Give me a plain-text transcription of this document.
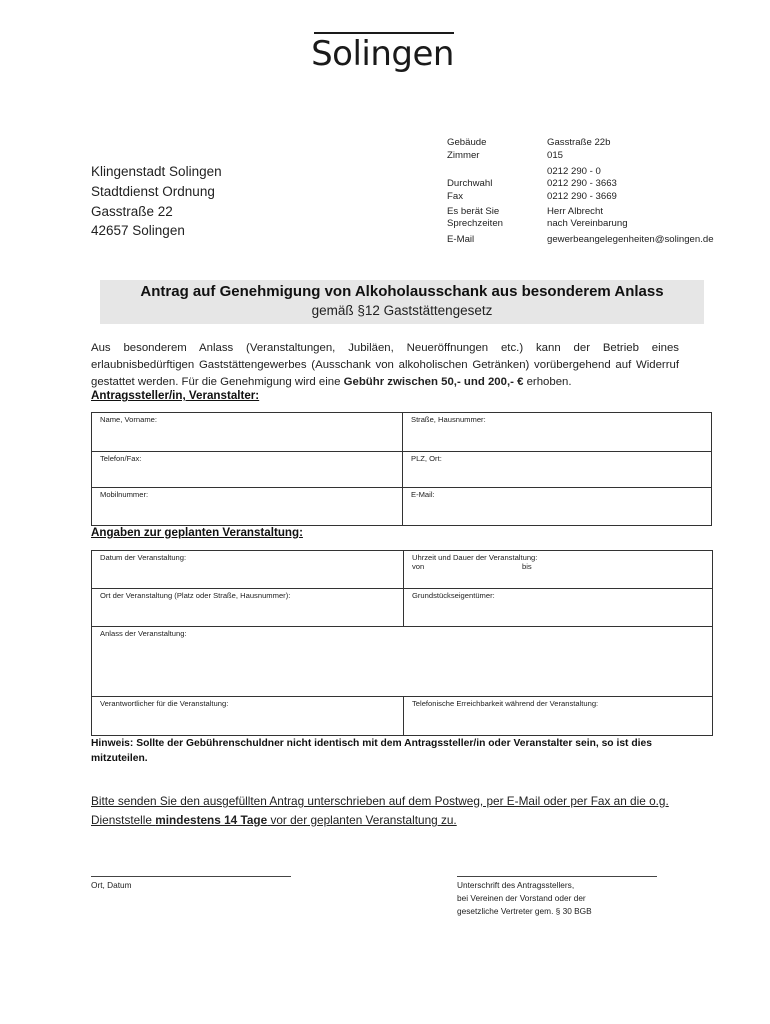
Solingen
Klingenstadt Solingen
Stadtdienst Ordnung
Gasstraße 22
42657 Solingen
Gebäude	Gasstraße 22b
Zimmer	015
0212 290 - 0
Durchwahl	0212 290 - 3663
Fax	0212 290 - 3669
Es berät Sie	Herr Albrecht
Sprechzeiten	nach Vereinbarung
E-Mail	gewerbeangelegenheiten@solingen.de
Antrag auf Genehmigung von Alkoholausschank aus besonderem Anlass
gemäß §12 Gaststättengesetz
Aus besonderem Anlass (Veranstaltungen, Jubiläen, Neueröffnungen etc.) kann der Betrieb eines erlaubnisbedürftigen Gaststättengewerbes (Ausschank von alkoholischen Getränken) vorübergehend auf Widerruf gestattet werden. Für die Genehmigung wird eine Gebühr zwischen 50,- und 200,- € erhoben.
Antragssteller/in, Veranstalter:
Name, Vorname:	Straße, Hausnummer:
Telefon/Fax:	PLZ, Ort:
Mobilnummer:	E-Mail:
Angaben zur geplanten Veranstaltung:
Datum der Veranstaltung:	Uhrzeit und Dauer der Veranstaltung:
von bis

Ort der Veranstaltung (Platz oder Straße, Hausnummer):	Grundstückseigentümer:
Anlass der Veranstaltung:	
Verantwortlicher für die Veranstaltung:	Telefonische Erreichbarkeit während der Veranstaltung:
Hinweis: Sollte der Gebührenschuldner nicht identisch mit dem Antragssteller/in oder Veranstalter sein, so ist dies mitzuteilen.
Bitte senden Sie den ausgefüllten Antrag unterschrieben auf dem Postweg, per E-Mail oder per Fax an die o.g. Dienststelle mindestens 14 Tage vor der geplanten Veranstaltung zu.
Ort, Datum	Unterschrift des Antragsstellers,
bei Vereinen der Vorstand oder der
gesetzliche Vertreter gem. § 30 BGB
